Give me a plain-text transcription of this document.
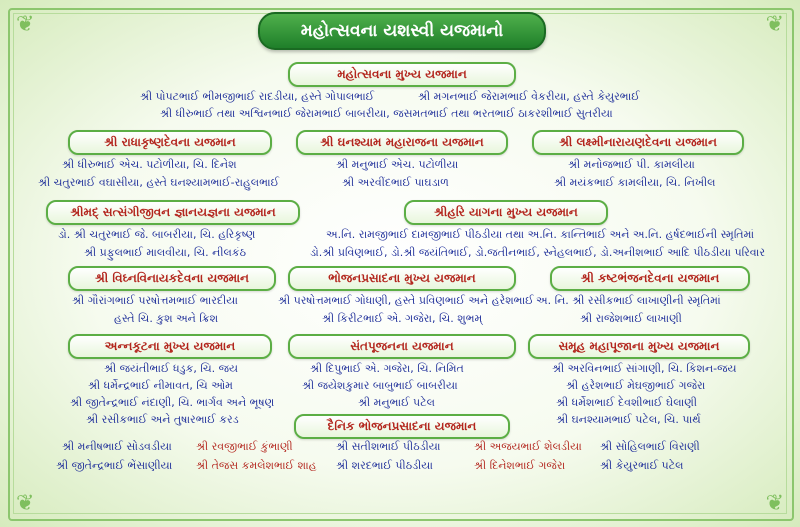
❦	❦
❦	❦
મહોત્સવના યશસ્વી યજમાનો
મહોત્સવના મુખ્ય યજમાન
શ્રી પોપટભાઈ ભીમજીભાઈ રાદડીયા, હસ્તે ગોપાલભાઈ	શ્રી મગનભાઈ જેરામભાઈ વેકરીયા, હસ્તે કેયુરભાઈ
શ્રી ધીરુભાઈ તથા અશ્વિનભાઈ જેરામભાઈ બાબરીયા, જસમતભાઈ તથા ભરતભાઈ ઠાકરશીભાઈ સુતરીયા
શ્રી રાધાકૃષ્ણદેવના યજમાન
શ્રી ધીરુભાઈ એચ. પટોળીયા, ચિ. દિનેશ
શ્રી ચતુરભાઈ વઘાસીયા, હસ્તે ઘનશ્યામભાઈ-રાહુલભાઈ
શ્રી ઘનશ્યામ મહારાજના યજમાન
શ્રી મનુભાઈ એચ. પટોળીયા
શ્રી અરવીંદભાઈ પાઘડાળ
શ્રી લક્ષ્મીનારાયણદેવના યજમાન
શ્રી મનોજભાઈ પી. કામલીયા
શ્રી મયંકભાઈ કામલીયા, ચિ. નિખીલ
શ્રીમદ્ સત્સંગીજીવન જ્ઞાનયજ્ઞના યજમાન
ડો. શ્રી ચતુરભાઈ જે. બાબરીયા, ચિ. હરિકૃષ્ણ
શ્રી પ્રફુલભાઈ માલવીયા, ચિ. નીલકંઠ
શ્રીહરિ યાગના મુખ્ય યજમાન
અ.નિ. રામજીભાઈ દામજીભાઈ પીઠડીયા તથા અ.નિ. કાન્તિભાઈ અને અ.નિ. હર્ષદભાઈની સ્મૃતિમાં
ડો.શ્રી પ્રવિણભાઈ, ડો.શ્રી જયંતિભાઈ, ડો.જતીનભાઈ, સ્નેહલભાઈ, ડો.અનીશભાઈ આદિ પીઠડીયા પરિવાર
શ્રી વિઘ્નવિનાયકદેવના યજમાન
શ્રી ગૌરાંગભાઈ પરષોત્તમભાઈ ભારદીયા
હસ્તે ચિ. કુશ અને ક્રિશ
ભોજનપ્રસાદના મુખ્ય યજમાન
શ્રી પરષોત્તમભાઈ ગોધાણી, હસ્તે પ્રવિણભાઈ અને હરેશભાઈ
શ્રી કિરીટભાઈ એ. ગજેરા, ચિ. શુભમ્
શ્રી કષ્ટભંજનદેવના યજમાન
અ. નિ. શ્રી રસીકભાઈ લાખાણીની સ્મૃતિમાં
શ્રી રાજેશભાઈ લાખાણી
અન્નકૂટના મુખ્ય યજમાન
શ્રી જયંતીભાઈ ધડુક, ચિ. જય
શ્રી ધર્મેન્દ્રભાઈ નીમાવત, ચિ ઓમ
શ્રી જીતેન્દ્રભાઈ નંદાણી, ચિ. ભાર્ગવ અને ભૂષણ
શ્રી રસીકભાઈ અને તુષારભાઈ કરડ
સંતપૂજનના યજમાન
શ્રી દિપુભાઈ એ. ગજેરા, ચિ. નિમિત
શ્રી જયેશકુમાર બાબુભાઈ બાબરીયા
શ્રી મનુભાઈ પટેલ
સમૂહ મહાપૂજાના મુખ્ય યજમાન
શ્રી અરવિનભાઈ સાંગાણી, ચિ. કિશન-જય
શ્રી હરેશભાઈ મેઘજીભાઈ ગજેરા
શ્રી ધર્મેશભાઈ દેવશીભાઈ ઘેલાણી
શ્રી ઘનશ્યામભાઈ પટેલ, ચિ. પાર્થ
દૈનિક ભોજનપ્રસાદના યજમાન
શ્રી મનીષભાઈ સોડવડીયા શ્રી રવજીભાઈ કુંભાણી	શ્રી સતીશભાઈ પીઠડીયા	શ્રી અજયભાઈ શેલડીયા શ્રી સોહિલભાઈ વિરાણી
શ્રી જીતેન્દ્રભાઈ ભેંસાણીયા શ્રી તેજસ કમલેશભાઈ શાહ શ્રી શરદભાઈ પીઠડીયા	શ્રી દિનેશભાઈ ગજેરા	શ્રી કેયુરભાઈ પટેલ
